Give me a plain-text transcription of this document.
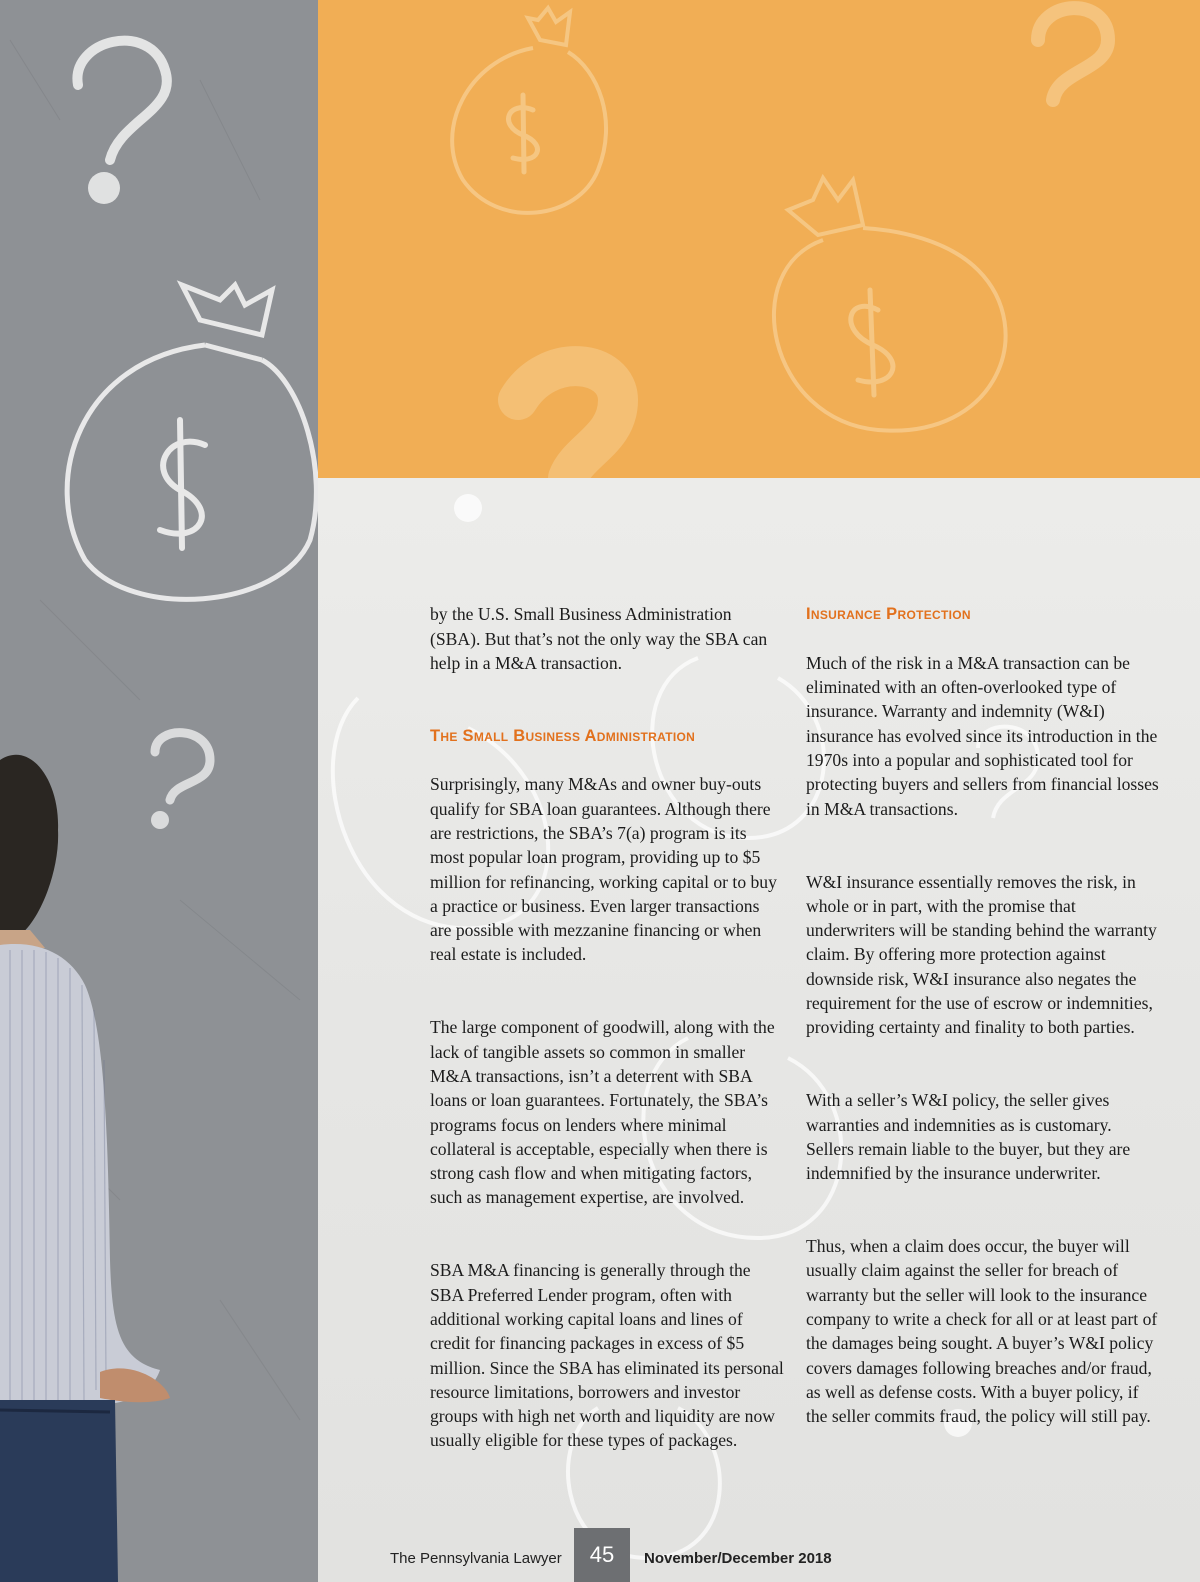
by the U.S. Small Business Administration (SBA). But that’s not the only way the SBA can help in a M&A transaction.

The Small Business Administration

Surprisingly, many M&As and owner buy-outs qualify for SBA loan guarantees. Although there are restrictions, the SBA’s 7(a) program is its most popular loan program, providing up to $5 million for refinancing, working capital or to buy a practice or business. Even larger transactions are possible with mezzanine financing or when real estate is included.

The large component of goodwill, along with the lack of tangible assets so common in smaller M&A transactions, isn’t a deterrent with SBA loans or loan guarantees. Fortunately, the SBA’s programs focus on lenders where minimal collateral is acceptable, especially when there is strong cash flow and when mitigating factors, such as management expertise, are involved.

SBA M&A financing is generally through the SBA Preferred Lender program, often with additional working capital loans and lines of credit for financing packages in excess of $5 million. Since the SBA has eliminated its personal resource limitations, borrowers and investor groups with high net worth and liquidity are now usually eligible for these types of packages.

Insurance Protection

Much of the risk in a M&A transaction can be eliminated with an often-overlooked type of insurance. Warranty and indemnity (W&I) insurance has evolved since its introduction in the 1970s into a popular and sophisticated tool for protecting buyers and sellers from financial losses in M&A transactions.

W&I insurance essentially removes the risk, in whole or in part, with the promise that underwriters will be standing behind the warranty claim. By offering more protection against downside risk, W&I insurance also negates the requirement for the use of escrow or indemnities, providing certainty and finality to both parties.

With a seller’s W&I policy, the seller gives warranties and indemnities as is customary. Sellers remain liable to the buyer, but they are indemnified by the insurance underwriter.

Thus, when a claim does occur, the buyer will usually claim against the seller for breach of warranty but the seller will look to the insurance company to write a check for all or at least part of the damages being sought. A buyer’s W&I policy covers damages following breaches and/or fraud, as well as defense costs. With a buyer policy, if the seller commits fraud, the policy will still pay.

The Pennsylvania Lawyer	45	November/December 2018
